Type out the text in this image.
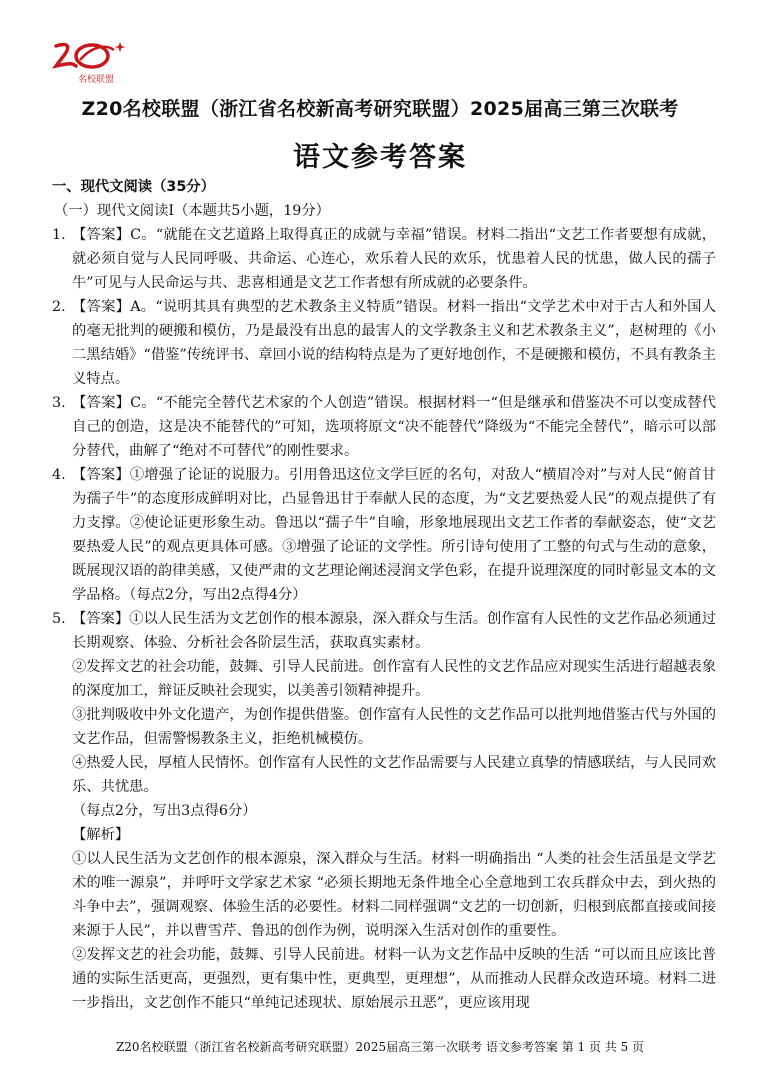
名校联盟
Z20名校联盟（浙江省名校新高考研究联盟）2025届高三第三次联考
语文参考答案
一、现代文阅读（35分）
（一）现代文阅读Ⅰ（本题共5小题，19分）
1. 【答案】C。“就能在文艺道路上取得真正的成就与幸福”错误。材料二指出“文艺工作者要想有成就，就必须自觉与人民同呼吸、共命运、心连心，欢乐着人民的欢乐，忧患着人民的忧患，做人民的孺子牛”可见与人民命运与共、悲喜相通是文艺工作者想有所成就的必要条件。
2. 【答案】A。“说明其具有典型的艺术教条主义特质”错误。材料一指出“文学艺术中对于古人和外国人的毫无批判的硬搬和模仿，乃是最没有出息的最害人的文学教条主义和艺术教条主义”，赵树理的《小二黑结婚》“借鉴”传统评书、章回小说的结构特点是为了更好地创作，不是硬搬和模仿，不具有教条主义特点。
3. 【答案】C。“不能完全替代艺术家的个人创造”错误。根据材料一“但是继承和借鉴决不可以变成替代自己的创造，这是决不能替代的”可知，选项将原文“决不能替代”降级为“不能完全替代”，暗示可以部分替代，曲解了“绝对不可替代”的刚性要求。
4. 【答案】①增强了论证的说服力。引用鲁迅这位文学巨匠的名句，对敌人“横眉冷对”与对人民“俯首甘为孺子牛”的态度形成鲜明对比，凸显鲁迅甘于奉献人民的态度，为“文艺要热爱人民”的观点提供了有力支撑。②使论证更形象生动。鲁迅以“孺子牛”自喻，形象地展现出文艺工作者的奉献姿态，使“文艺要热爱人民”的观点更具体可感。③增强了论证的文学性。所引诗句使用了工整的句式与生动的意象，既展现汉语的韵律美感，又使严肃的文艺理论阐述浸润文学色彩，在提升说理深度的同时彰显文本的文学品格。（每点2分，写出2点得4分）
5. 【答案】①以人民生活为文艺创作的根本源泉，深入群众与生活。创作富有人民性的文艺作品必须通过长期观察、体验、分析社会各阶层生活，获取真实素材。
②发挥文艺的社会功能，鼓舞、引导人民前进。创作富有人民性的文艺作品应对现实生活进行超越表象的深度加工，辩证反映社会现实，以美善引领精神提升。
③批判吸收中外文化遗产，为创作提供借鉴。创作富有人民性的文艺作品可以批判地借鉴古代与外国的文艺作品，但需警惕教条主义，拒绝机械模仿。
④热爱人民，厚植人民情怀。创作富有人民性的文艺作品需要与人民建立真挚的情感联结，与人民同欢乐、共忧患。
（每点2分，写出3点得6分）
【解析】
①以人民生活为文艺创作的根本源泉，深入群众与生活。材料一明确指出 “人类的社会生活虽是文学艺术的唯一源泉”，并呼吁文学家艺术家 “必须长期地无条件地全心全意地到工农兵群众中去，到火热的斗争中去”，强调观察、体验生活的必要性。材料二同样强调“文艺的一切创新，归根到底都直接或间接来源于人民”，并以曹雪芹、鲁迅的创作为例，说明深入生活对创作的重要性。
②发挥文艺的社会功能，鼓舞、引导人民前进。材料一认为文艺作品中反映的生活 “可以而且应该比普通的实际生活更高，更强烈，更有集中性，更典型，更理想”，从而推动人民群众改造环境。材料二进一步指出，文艺创作不能只“单纯记述现状、原始展示丑恶”，更应该用现
Z20名校联盟（浙江省名校新高考研究联盟）2025届高三第一次联考 语文参考答案 第 1 页 共 5 页
